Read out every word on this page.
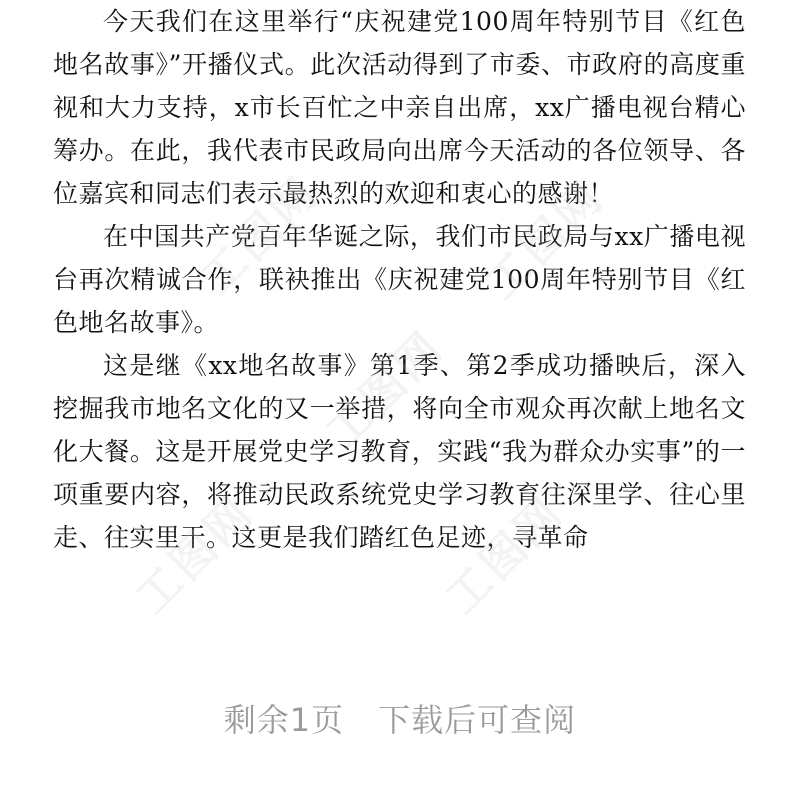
今天我们在这里举行“庆祝建党100周年特别节目《红色地名故事》”开播仪式。此次活动得到了市委、市政府的高度重视和大力支持，x市长百忙之中亲自出席，xx广播电视台精心筹办。在此，我代表市民政局向出席今天活动的各位领导、各位嘉宾和同志们表示最热烈的欢迎和衷心的感谢！

在中国共产党百年华诞之际，我们市民政局与xx广播电视台再次精诚合作，联袂推出《庆祝建党100周年特别节目《红色地名故事》。

这是继《xx地名故事》第1季、第2季成功播映后，深入挖掘我市地名文化的又一举措，将向全市观众再次献上地名文化大餐。这是开展党史学习教育，实践“我为群众办实事”的一项重要内容，将推动民政系统党史学习教育往深里学、往心里走、往实里干。这更是我们踏红色足迹，寻革命

工图网	工图网
工图网
工图网	工图网
剩余1页 下载后可查阅
